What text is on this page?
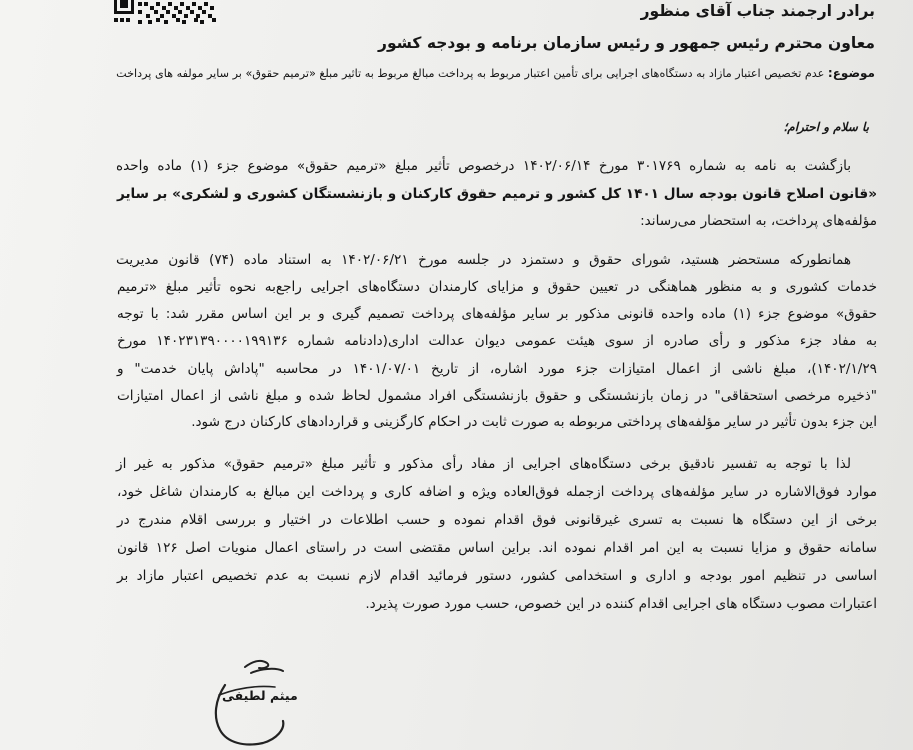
برادر ارجمند جناب آقای منظور
معاون محترم رئیس جمهور و رئیس سازمان برنامه و بودجه کشور
موضوع: عدم تخصیص اعتبار مازاد به دستگاه‌های اجرایی برای تأمین اعتبار مربوط به پرداخت مبالغ مربوط به تاثیر مبلغ «ترمیم حقوق» بر سایر مولفه های پرداخت
با سلام و احترام؛
بازگشت به نامه به شماره ۳۰۱۷۶۹ مورخ ۱۴۰۲/۰۶/۱۴ درخصوص تأثیر مبلغ «ترمیم حقوق» موضوع جزء (۱) ماده واحده
«قانون اصلاح قانون بودجه سال ۱۴۰۱ کل کشور و ترمیم حقوق کارکنان و بازنشستگان کشوری و لشکری» بر سایر
مؤلفه‌های پرداخت، به استحضار می‌رساند:
همانطورکه مستحضر هستید، شورای حقوق و دستمزد در جلسه مورخ ۱۴۰۲/۰۶/۲۱ به استناد ماده (۷۴) قانون مدیریت
خدمات کشوری و به منظور هماهنگی در تعیین حقوق و مزایای کارمندان دستگاه‌های اجرایی راجع‌به نحوه تأثیر مبلغ «ترمیم
حقوق» موضوع جزء (۱) ماده واحده قانونی مذکور بر سایر مؤلفه‌های پرداخت تصمیم گیری و بر این اساس مقرر شد: با توجه
به مفاد جزء مذکور و رأی صادره از سوی هیئت عمومی دیوان عدالت اداری(دادنامه شماره ۱۴۰۲۳۱۳۹۰۰۰۰۱۹۹۱۳۶ مورخ
۱۴۰۲/۱/۲۹)، مبلغ ناشی از اعمال امتیازات جزء مورد اشاره، از تاریخ ۱۴۰۱/۰۷/۰۱ در محاسبه "پاداش پایان خدمت" و
"ذخیره مرخصی استحقاقی" در زمان بازنشستگی و حقوق بازنشستگی افراد مشمول لحاظ شده و مبلغ ناشی از اعمال امتیازات
این جزء بدون تأثیر در سایر مؤلفه‌های پرداختی مربوطه به صورت ثابت در احکام کارگزینی و قراردادهای کارکنان درج شود.
لذا با توجه به تفسیر نادقیق برخی دستگاه‌های اجرایی از مفاد رأی مذکور و تأثیر مبلغ «ترمیم حقوق» مذکور به غیر از
موارد فوق‌الاشاره در سایر مؤلفه‌های پرداخت ازجمله فوق‌العاده ویژه و اضافه کاری و پرداخت این مبالغ به کارمندان شاغل خود،
برخی از این دستگاه ها نسبت به تسری غیرقانونی فوق اقدام نموده و حسب اطلاعات در اختیار و بررسی اقلام مندرج در
سامانه حقوق و مزایا نسبت به این امر اقدام نموده اند. براین اساس مقتضی است در راستای اعمال منویات اصل ۱۲۶ قانون
اساسی در تنظیم امور بودجه و اداری و استخدامی کشور، دستور فرمائید اقدام لازم نسبت به عدم تخصیص اعتبار مازاد بر
اعتبارات مصوب دستگاه های اجرایی اقدام کننده در این خصوص، حسب مورد صورت پذیرد.
میثم لطیفی
